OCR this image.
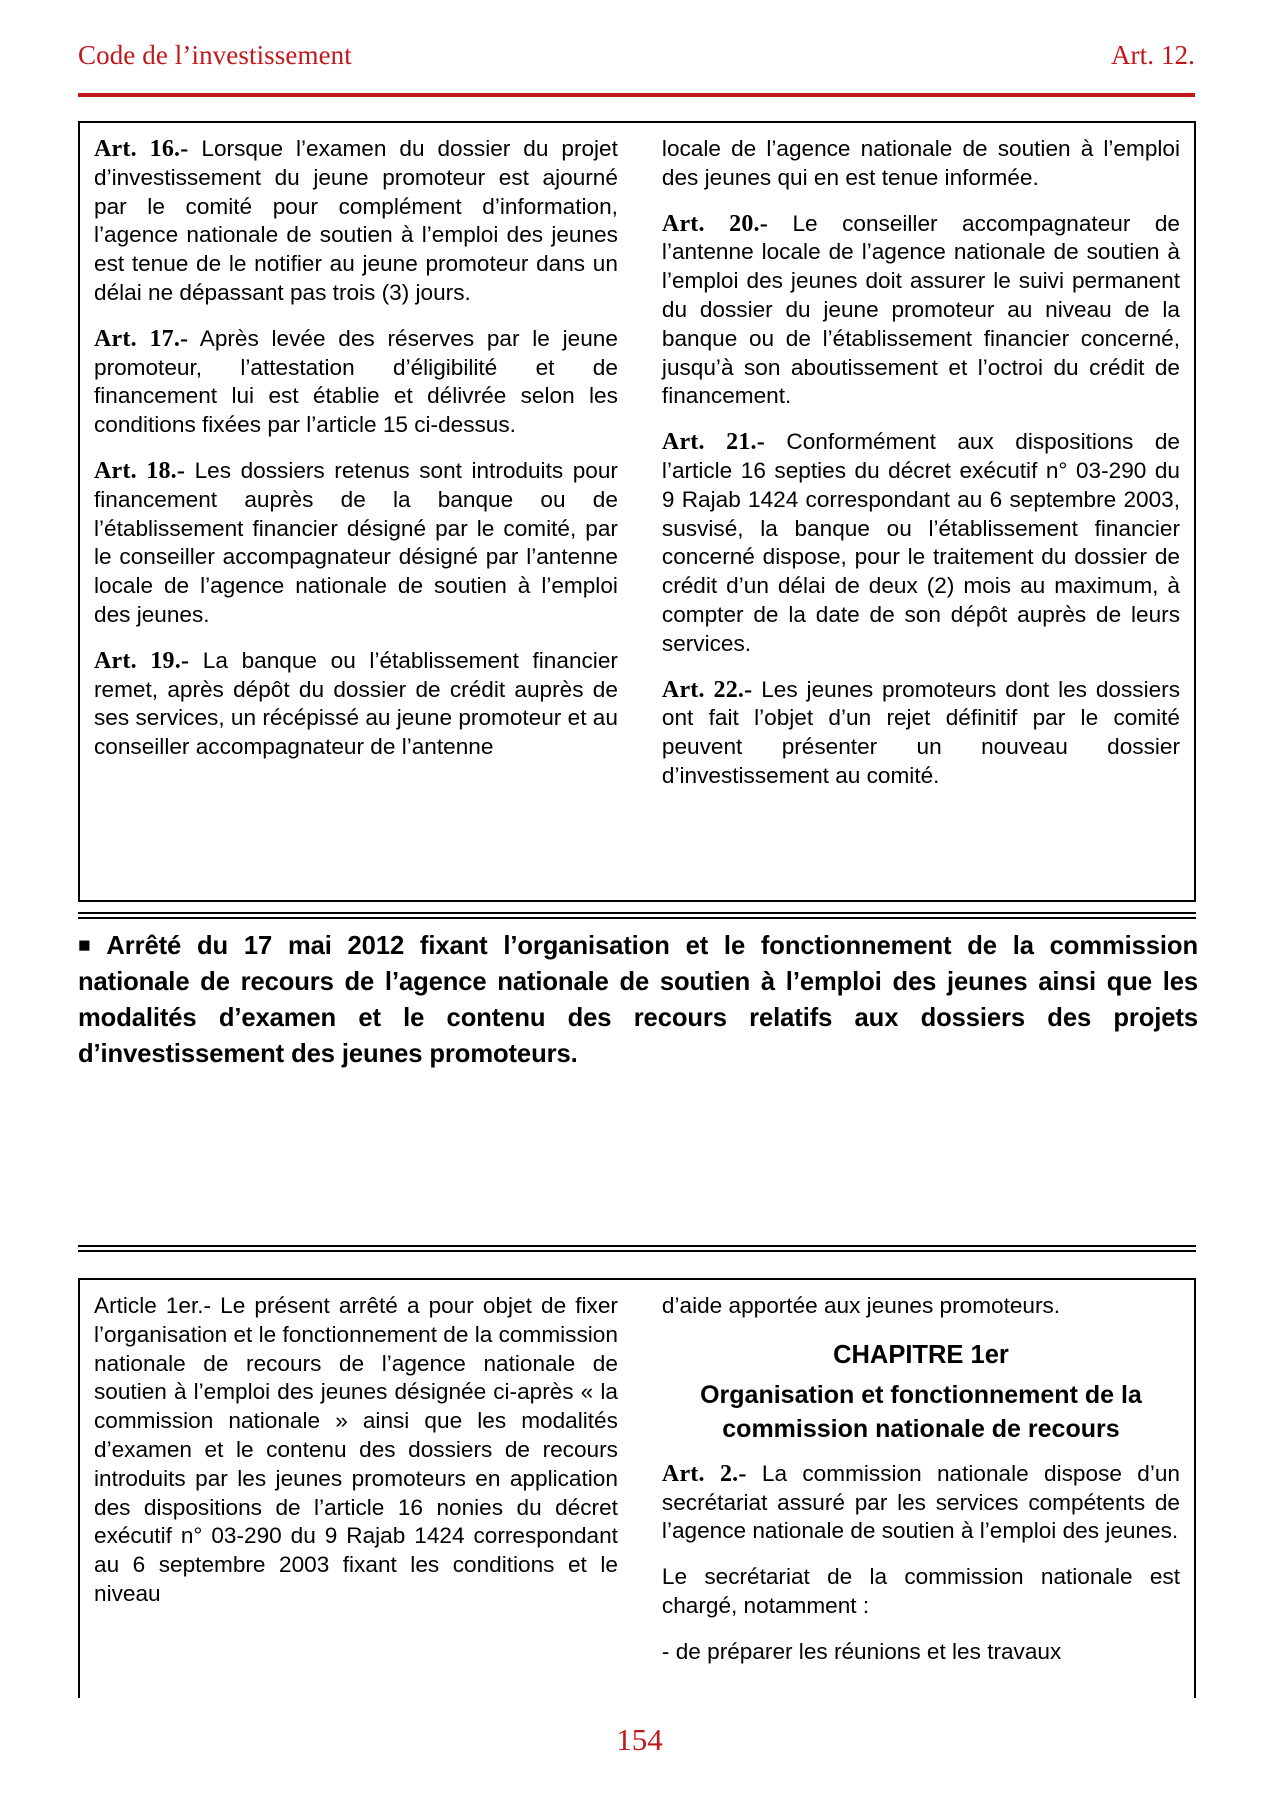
Code de l’investissement	Art. 12.

Art. 16.- Lorsque l’examen du dossier du projet d’investissement du jeune promoteur est ajourné par le comité pour complément d’information, l’agence nationale de soutien à l’emploi des jeunes est tenue de le notifier au jeune promoteur dans un délai ne dépassant pas trois (3) jours.

Art. 17.- Après levée des réserves par le jeune promoteur, l’attestation d’éligibilité et de financement lui est établie et délivrée selon les conditions fixées par l’article 15 ci-dessus.

Art. 18.- Les dossiers retenus sont introduits pour financement auprès de la banque ou de l’établissement financier désigné par le comité, par le conseiller accompagnateur désigné par l’antenne locale de l’agence nationale de soutien à l’emploi des jeunes.

Art. 19.- La banque ou l’établissement financier remet, après dépôt du dossier de crédit auprès de ses services, un récépissé au jeune promoteur et au conseiller accompagnateur de l’antenne

locale de l’agence nationale de soutien à l’emploi des jeunes qui en est tenue informée.

Art. 20.- Le conseiller accompagnateur de l’antenne locale de l’agence nationale de soutien à l’emploi des jeunes doit assurer le suivi permanent du dossier du jeune promoteur au niveau de la banque ou de l’établissement financier concerné, jusqu’à son aboutissement et l’octroi du crédit de financement.

Art. 21.- Conformément aux dispositions de l’article 16 septies du décret exécutif n° 03-290 du 9 Rajab 1424 correspondant au 6 septembre 2003, susvisé, la banque ou l’établissement financier concerné dispose, pour le traitement du dossier de crédit d’un délai de deux (2) mois au maximum, à compter de la date de son dépôt auprès de leurs services.

Art. 22.- Les jeunes promoteurs dont les dossiers ont fait l’objet d’un rejet définitif par le comité peuvent présenter un nouveau dossier d’investissement au comité.

■ Arrêté du 17 mai 2012 fixant l’organisation et le fonctionnement de la commission nationale de recours de l’agence nationale de soutien à l’emploi des jeunes ainsi que les modalités d’examen et le contenu des recours relatifs aux dossiers des projets d’investissement des jeunes promoteurs.

Article 1er.- Le présent arrêté a pour objet de fixer l’organisation et le fonctionnement de la commission nationale de recours de l’agence nationale de soutien à l’emploi des jeunes désignée ci-après « la commission nationale » ainsi que les modalités d’examen et le contenu des dossiers de recours introduits par les jeunes promoteurs en application des dispositions de l’article 16 nonies du décret exécutif n° 03-290 du 9 Rajab 1424 correspondant au 6 septembre 2003 fixant les conditions et le niveau

d’aide apportée aux jeunes promoteurs.

CHAPITRE 1er
Organisation et fonctionnement de la commission nationale de recours

Art. 2.- La commission nationale dispose d’un secrétariat assuré par les services compétents de l’agence nationale de soutien à l’emploi des jeunes.

Le secrétariat de la commission nationale est chargé, notamment :

- de préparer les réunions et les travaux

154
